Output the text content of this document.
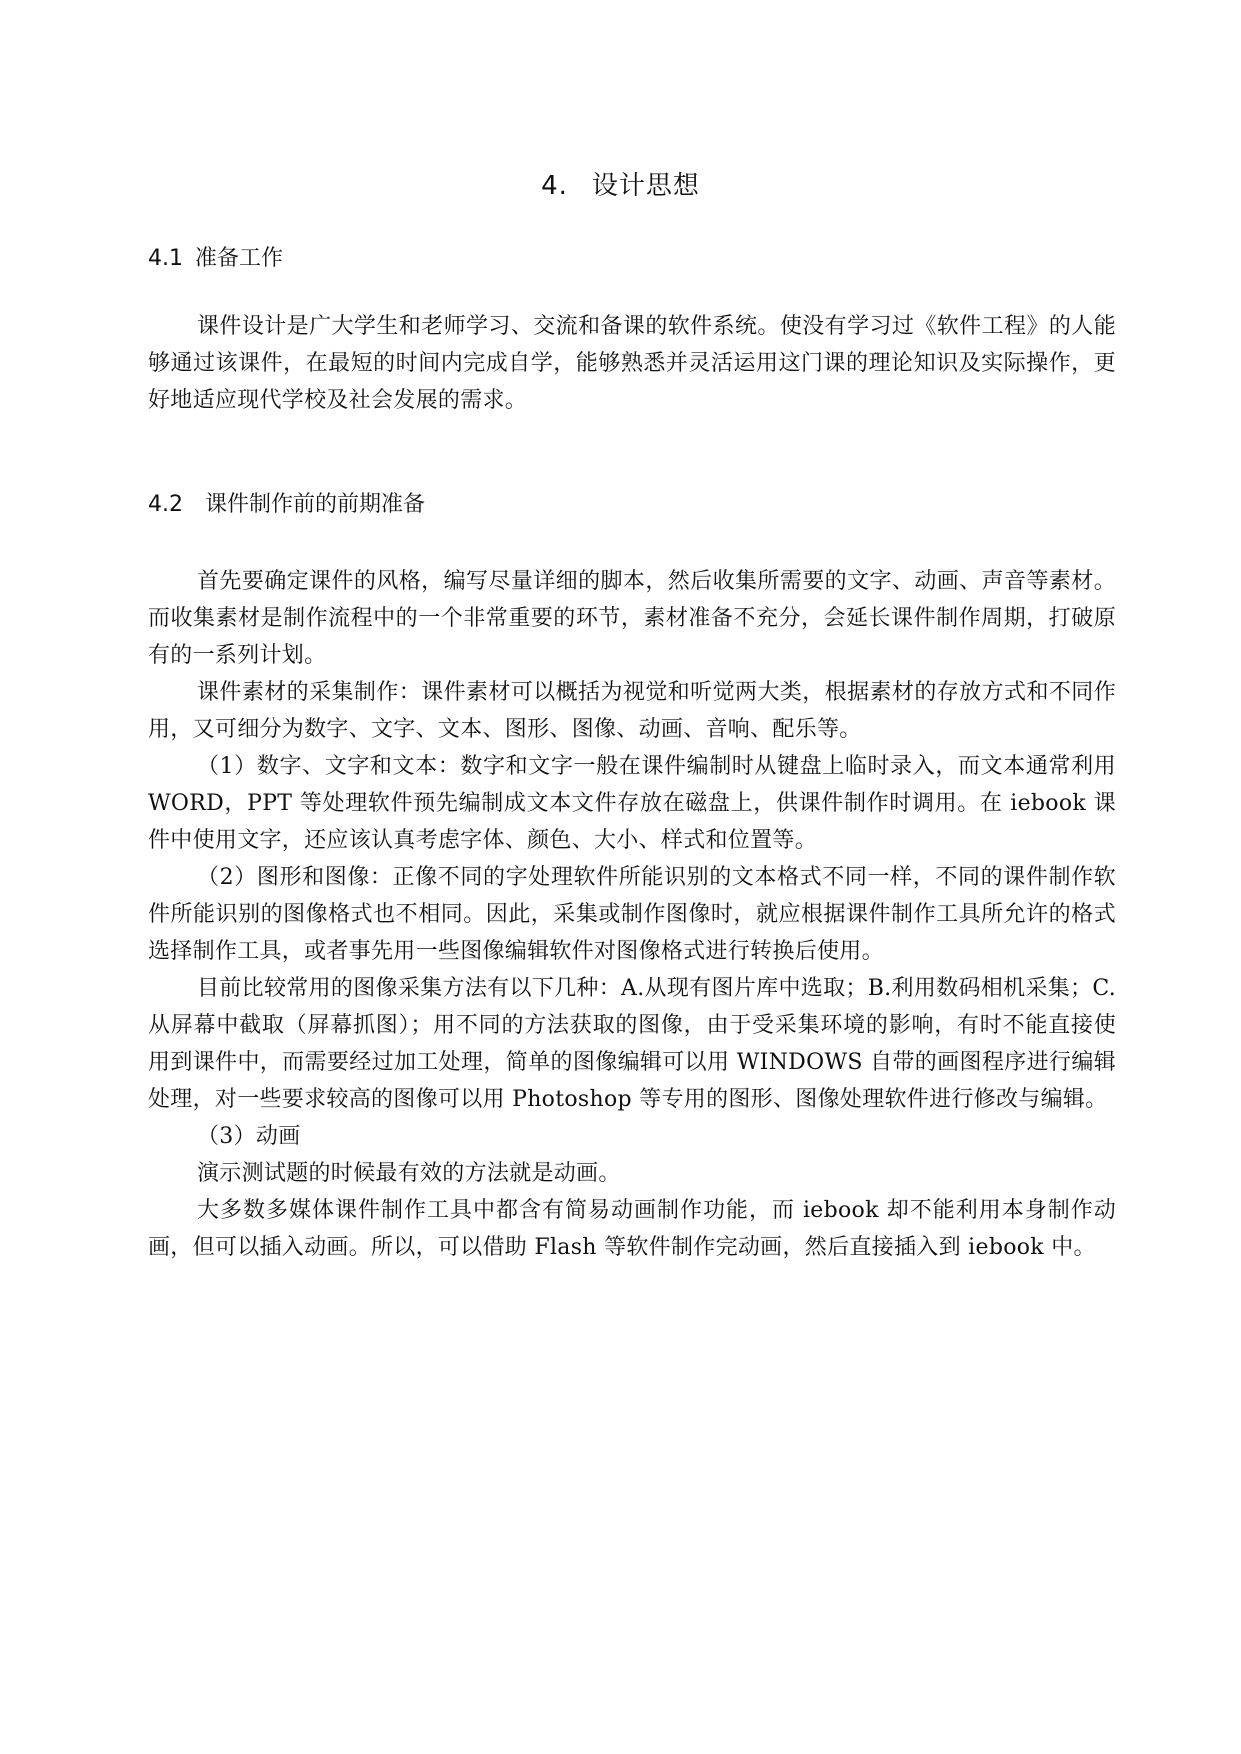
4. 设计思想
4.1 准备工作

课件设计是广大学生和老师学习、交流和备课的软件系统。使没有学习过《软件工程》的人能够通过该课件，在最短的时间内完成自学，能够熟悉并灵活运用这门课的理论知识及实际操作，更好地适应现代学校及社会发展的需求。

4.2 课件制作前的前期准备

首先要确定课件的风格，编写尽量详细的脚本，然后收集所需要的文字、动画、声音等素材。而收集素材是制作流程中的一个非常重要的环节，素材准备不充分，会延长课件制作周期，打破原有的一系列计划。

课件素材的采集制作：课件素材可以概括为视觉和听觉两大类，根据素材的存放方式和不同作用，又可细分为数字、文字、文本、图形、图像、动画、音响、配乐等。

（1）数字、文字和文本：数字和文字一般在课件编制时从键盘上临时录入，而文本通常利用 WORD，PPT 等处理软件预先编制成文本文件存放在磁盘上，供课件制作时调用。在 iebook 课件中使用文字，还应该认真考虑字体、颜色、大小、样式和位置等。

（2）图形和图像：正像不同的字处理软件所能识别的文本格式不同一样，不同的课件制作软件所能识别的图像格式也不相同。因此，采集或制作图像时，就应根据课件制作工具所允许的格式选择制作工具，或者事先用一些图像编辑软件对图像格式进行转换后使用。

目前比较常用的图像采集方法有以下几种：A.从现有图片库中选取；B.利用数码相机采集；C.从屏幕中截取（屏幕抓图）；用不同的方法获取的图像，由于受采集环境的影响，有时不能直接使用到课件中，而需要经过加工处理，简单的图像编辑可以用 WINDOWS 自带的画图程序进行编辑处理，对一些要求较高的图像可以用 Photoshop 等专用的图形、图像处理软件进行修改与编辑。

（3）动画

演示测试题的时候最有效的方法就是动画。

大多数多媒体课件制作工具中都含有简易动画制作功能，而 iebook 却不能利用本身制作动画，但可以插入动画。所以，可以借助 Flash 等软件制作完动画，然后直接插入到 iebook 中。
